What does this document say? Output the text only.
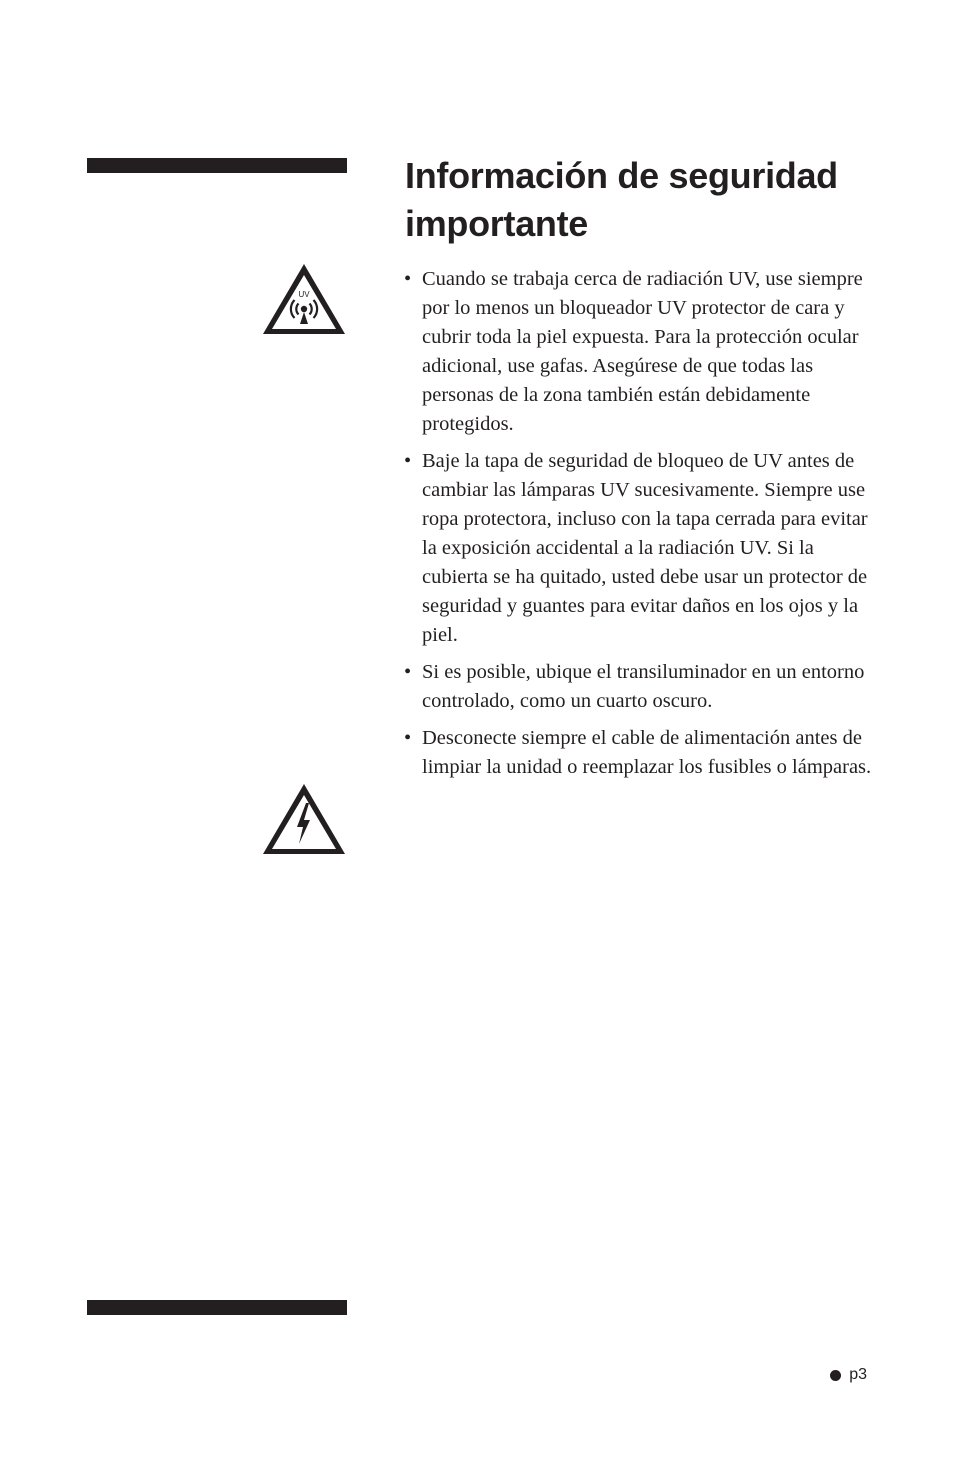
Información de seguridad
importante
UV
• Cuando se trabaja cerca de radiación UV, use siempre por lo menos un bloqueador UV protector de cara y cubrir toda la piel expuesta. Para la protección ocular adicional, use gafas. Asegúrese de que todas las personas de la zona también están debidamente protegidos.
• Baje la tapa de seguridad de bloqueo de UV antes de cambiar las lámparas UV sucesivamente. Siempre use ropa protectora, incluso con la tapa cerrada para evitar la exposición accidental a la radiación UV. Si la cubierta se ha quitado, usted debe usar un protector de seguridad y guantes para evitar daños en los ojos y la piel.
• Si es posible, ubique el transiluminador en un entorno controlado, como un cuarto oscuro.
• Desconecte siempre el cable de alimentación antes de limpiar la unidad o reemplazar los fusibles o lámparas.
p3
